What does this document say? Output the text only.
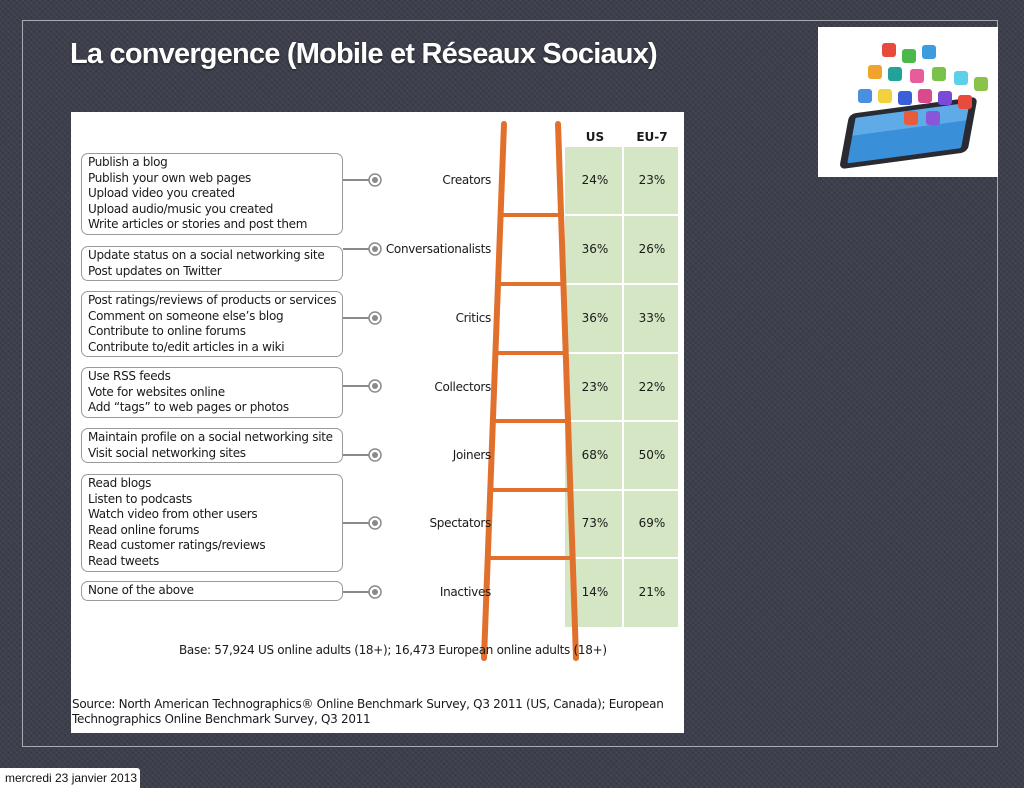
La convergence (Mobile et Réseaux Sociaux)
US	EU-7
Publish a blog
Publish your own web pages
Upload video you created
Upload audio/music you created
Write articles or stories and post them
Creators	24%	23%
Update status on a social networking site
Post updates on Twitter
Conversationalists	36%	26%
Post ratings/reviews of products or services
Comment on someone else’s blog
Contribute to online forums
Contribute to/edit articles in a wiki
Critics	36%	33%
Use RSS feeds
Vote for websites online
Add “tags” to web pages or photos
Collectors	23%	22%
Maintain profile on a social networking site
Visit social networking sites	Joiners	68%	50%
Read blogs
Listen to podcasts
Watch video from other users
Read online forums
Read customer ratings/reviews
Read tweets
Spectators	73%	69%
None of the above	Inactives	14%	21%
Base: 57,924 US online adults (18+); 16,473 European online adults (18+)
Source: North American Technographics® Online Benchmark Survey, Q3 2011 (US, Canada); European Technographics Online Benchmark Survey, Q3 2011
mercredi 23 janvier 2013
